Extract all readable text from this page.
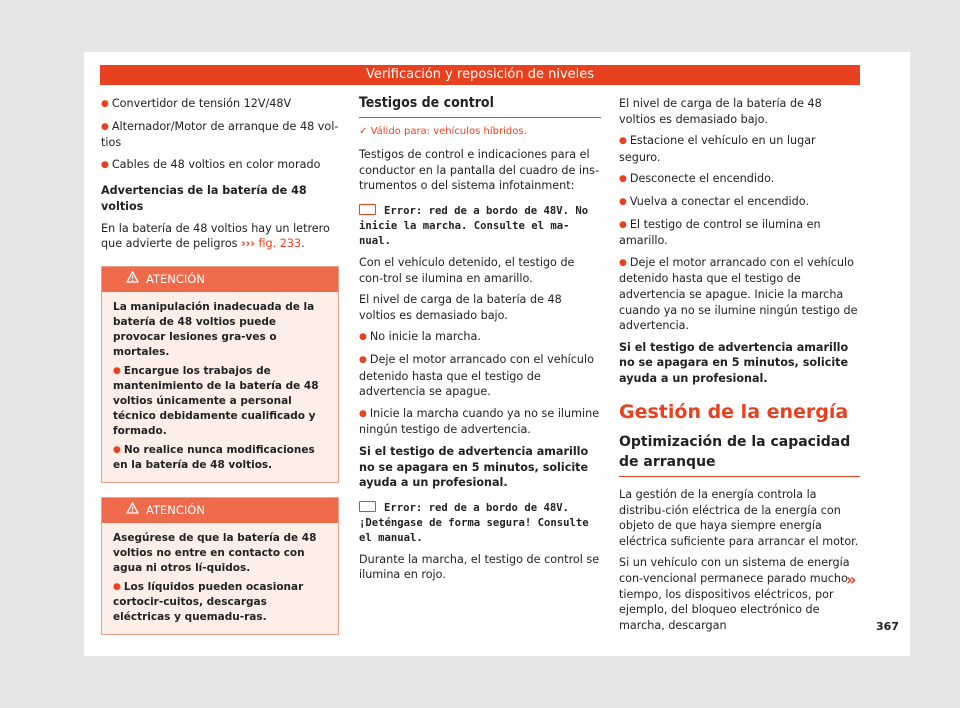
Verificación y reposición de niveles

● Convertidor de tensión 12V/48V

● Alternador/Motor de arranque de 48 vol-tios

● Cables de 48 voltios en color morado

Advertencias de la batería de 48 voltios

En la batería de 48 voltios hay un letrero que advierte de peligros ››› fig. 233.

ATENCIÓN

La manipulación inadecuada de la batería de 48 voltios puede provocar lesiones gra-ves o mortales.

● Encargue los trabajos de mantenimiento de la batería de 48 voltios únicamente a personal técnico debidamente cualificado y formado.

● No realice nunca modificaciones en la batería de 48 voltios.

ATENCIÓN

Asegúrese de que la batería de 48 voltios no entre en contacto con agua ni otros lí-quidos.

● Los líquidos pueden ocasionar cortocir-cuitos, descargas eléctricas y quemadu-ras.

Testigos de control

✓ Válido para: vehículos híbridos.

Testigos de control e indicaciones para el conductor en la pantalla del cuadro de ins-trumentos o del sistema infotainment:

Error: red de a bordo de 48V. No inicie la marcha. Consulte el ma-nual.

Con el vehículo detenido, el testigo de con-trol se ilumina en amarillo.

El nivel de carga de la batería de 48 voltios es demasiado bajo.

● No inicie la marcha.

● Deje el motor arrancado con el vehículo detenido hasta que el testigo de advertencia se apague.

● Inicie la marcha cuando ya no se ilumine ningún testigo de advertencia.

Si el testigo de advertencia amarillo no se apagara en 5 minutos, solicite ayuda a un profesional.

Error: red de a bordo de 48V. ¡Deténgase de forma segura! Consulte el manual.

Durante la marcha, el testigo de control se ilumina en rojo.

El nivel de carga de la batería de 48 voltios es demasiado bajo.

● Estacione el vehículo en un lugar seguro.

● Desconecte el encendido.

● Vuelva a conectar el encendido.

● El testigo de control se ilumina en amarillo.

● Deje el motor arrancado con el vehículo detenido hasta que el testigo de advertencia se apague. Inicie la marcha cuando ya no se ilumine ningún testigo de advertencia.

Si el testigo de advertencia amarillo no se apagara en 5 minutos, solicite ayuda a un profesional.

Gestión de la energía
Optimización de la capacidad de arranque

La gestión de la energía controla la distribu-ción eléctrica de la energía con objeto de que haya siempre energía eléctrica suficiente para arrancar el motor.

Si un vehículo con un sistema de energía con-vencional permanece parado mucho tiempo, los dispositivos eléctricos, por ejemplo, del bloqueo electrónico de marcha, descargan

»
367
